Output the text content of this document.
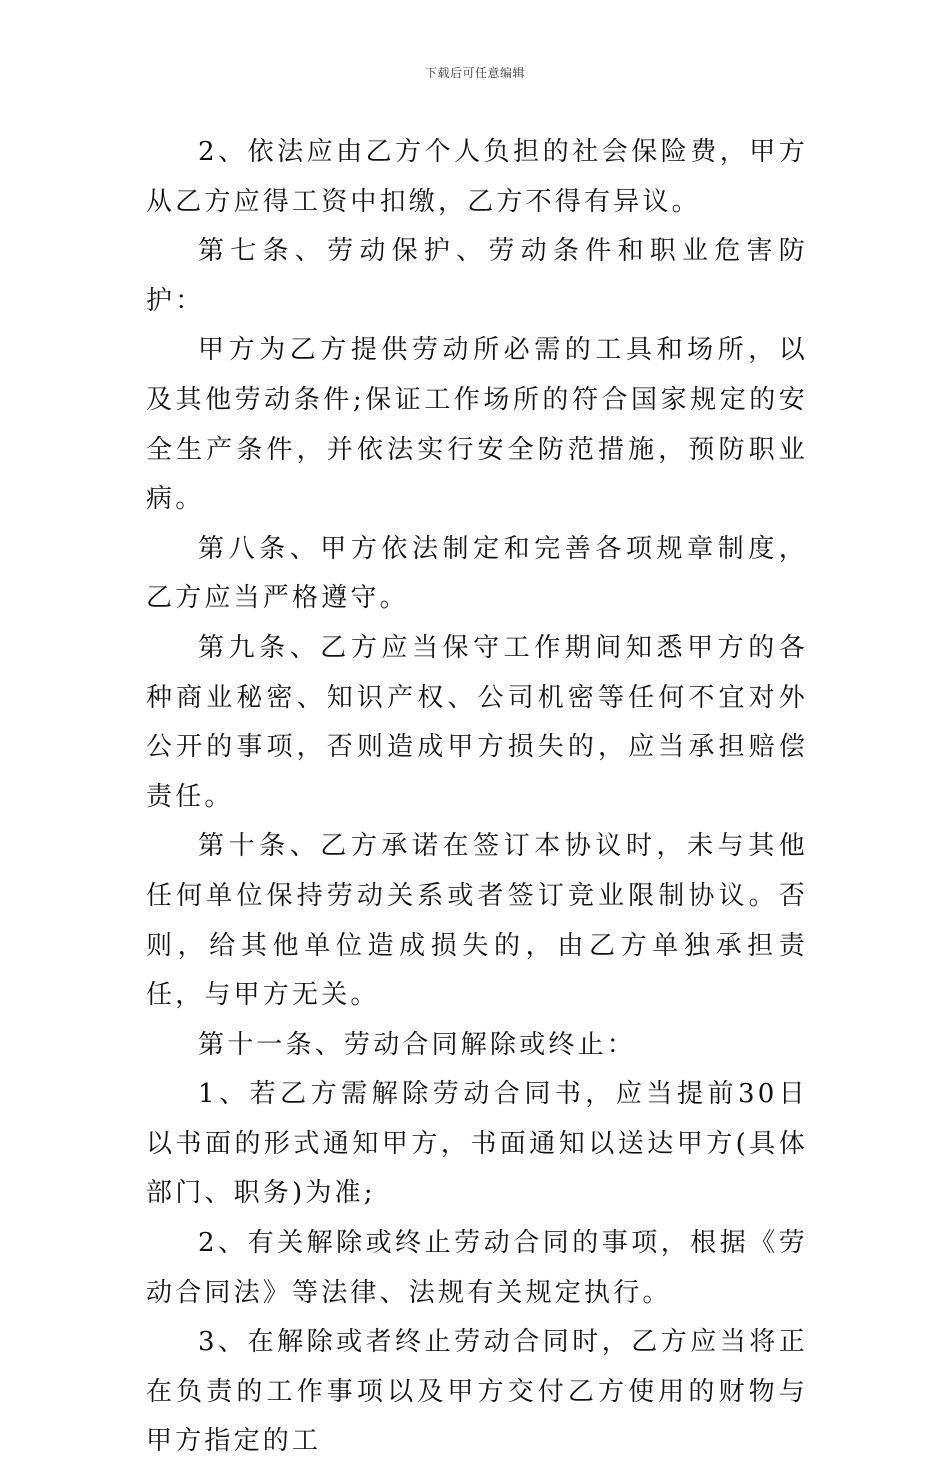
下载后可任意编辑

2、依法应由乙方个人负担的社会保险费，甲方从乙方应得工资中扣缴，乙方不得有异议。

第七条、劳动保护、劳动条件和职业危害防护：

甲方为乙方提供劳动所必需的工具和场所，以及其他劳动条件;保证工作场所的符合国家规定的安全生产条件，并依法实行安全防范措施，预防职业病。

第八条、甲方依法制定和完善各项规章制度，乙方应当严格遵守。

第九条、乙方应当保守工作期间知悉甲方的各种商业秘密、知识产权、公司机密等任何不宜对外公开的事项，否则造成甲方损失的，应当承担赔偿责任。

第十条、乙方承诺在签订本协议时，未与其他任何单位保持劳动关系或者签订竞业限制协议。否则，给其他单位造成损失的，由乙方单独承担责任，与甲方无关。

第十一条、劳动合同解除或终止：

1、若乙方需解除劳动合同书，应当提前30日以书面的形式通知甲方，书面通知以送达甲方(具体部门、职务)为准;

2、有关解除或终止劳动合同的事项，根据《劳动合同法》等法律、法规有关规定执行。

3、在解除或者终止劳动合同时，乙方应当将正在负责的工作事项以及甲方交付乙方使用的财物与甲方指定的工
